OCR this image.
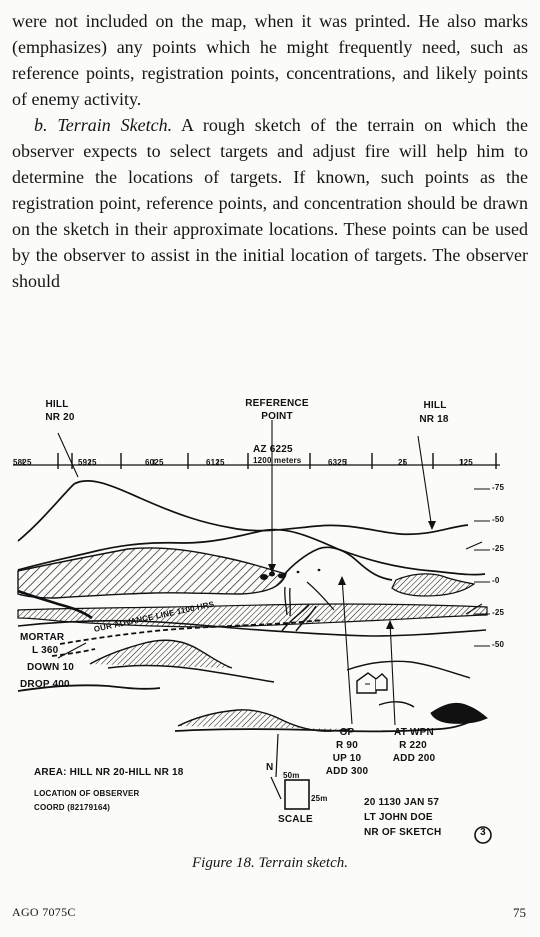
were not included on the map, when it was printed. He also marks (emphasizes) any points which he might frequently need, such as reference points, registration points, concentrations, and likely points of enemy activity.

b. Terrain Sketch. A rough sketch of the terrain on which the observer expects to select targets and adjust fire will help him to determine the locations of targets. If known, such points as the registration point, reference points, and concentration should be drawn on the sketch in their approximate locations. These points can be used by the observer to assist in the initial location of targets. The observer should

HILL
NR 20
REFERENCE
POINT
HILL
NR 18
AZ 6225
1200 meters
5825	5925	6025	6125	6325	25	125
-75
-50
-25
-0
-25
-50
MORTAR
L 360
DOWN 10
DROP 400
OUR ADVANCE LINE 1100 HRS
OP
R 90
UP 10
ADD 300
AT WPN
R 220
ADD 200
N
50m
25m
SCALE
AREA: HILL NR 20-HILL NR 18
LOCATION OF OBSERVER
COORD (82179164)	20 1130 JAN 57
LT JOHN DOE
NR OF SKETCH	3
Figure 18. Terrain sketch.
AGO 7075C	75
